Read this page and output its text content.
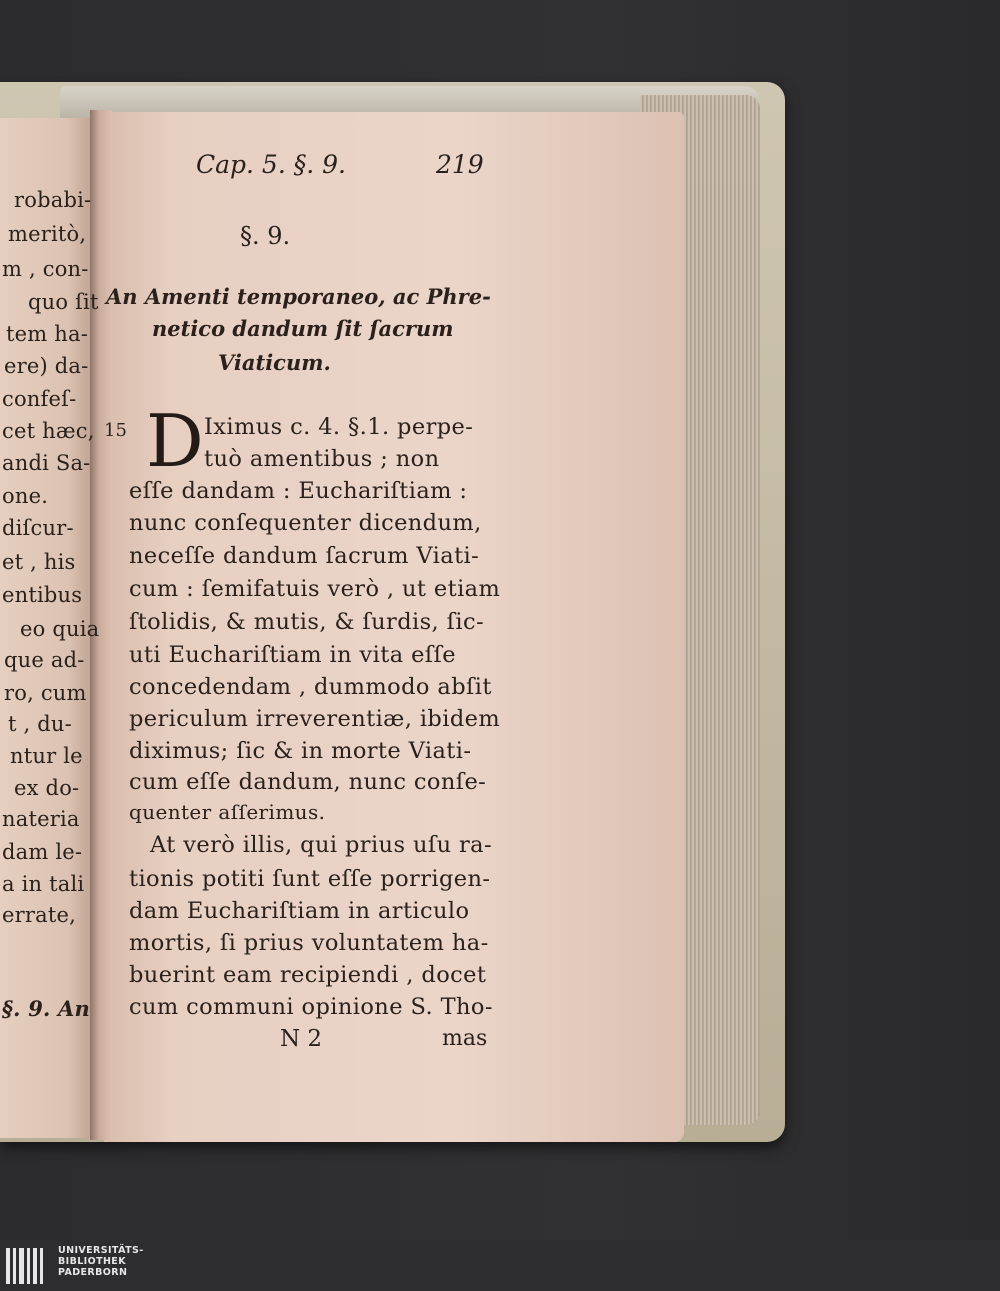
robabi-
meritò,
m , con-
quo ſit
tem ha-
ere) da-
confeſ-
cet hæc,
andi Sa-
one.
diſcur-
et , his
entibus
eo quia
que ad-
ro, cum
t , du-
ntur le
ex do-
nateria
dam le-
a in tali
errate,
§. 9. An
Cap. 5. §. 9.	219
§. 9.
An Amenti temporaneo, ac Phre-
netico dandum ſit ſacrum
Viaticum.
15 D Iximus c. 4. §.1. perpe-
tuò amentibus ; non
eſſe dandam : Euchariſtiam :
nunc conſequenter dicendum,
neceſſe dandum ſacrum Viati-
cum : ſemifatuis verò , ut etiam
ſtolidis, & mutis, & ſurdis, ſic-
uti Euchariſtiam in vita eſſe
concedendam , dummodo abſit
periculum irreverentiæ, ibidem
diximus; ſic & in morte Viati-
cum eſſe dandum, nunc conſe-
quenter aſſerimus.
At verò illis, qui prius uſu ra-
tionis potiti ſunt eſſe porrigen-
dam Euchariſtiam in articulo
mortis, ſi prius voluntatem ha-
buerint eam recipiendi , docet
cum communi opinione S. Tho-
N 2	mas
UNIVERSITÄTS-
BIBLIOTHEK
PADERBORN
